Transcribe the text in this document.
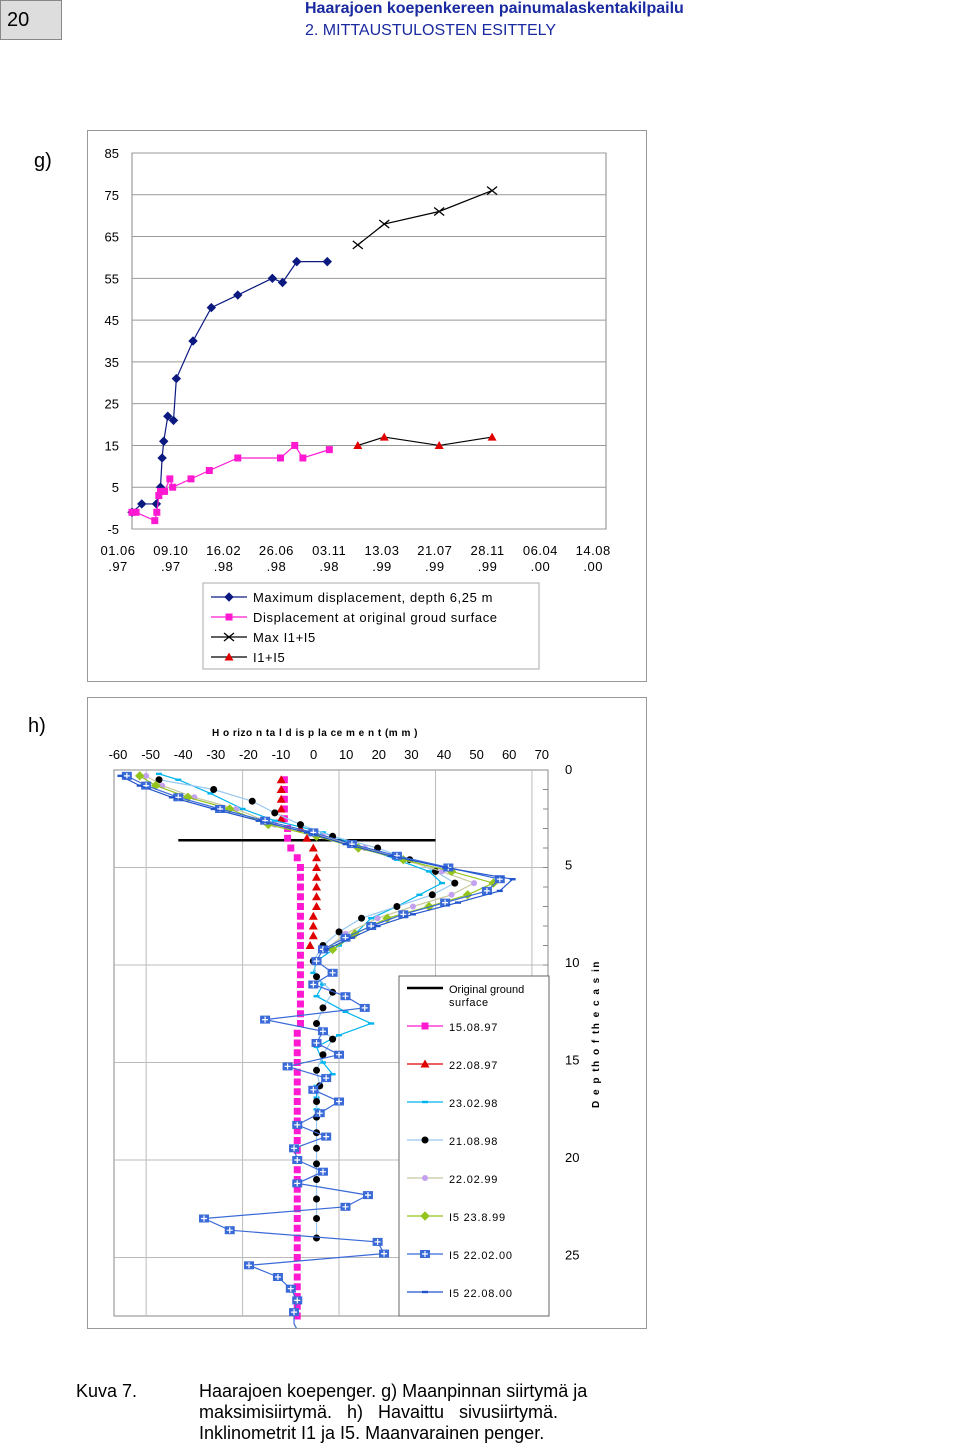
20	Haarajoen koepenkereen painumalaskentakilpailu
2. MITTAUSTULOSTEN ESITTELY
g)	85
75
65
55
45
35
25
15
5
-5
01.06
.97
09.10
.97
16.02
.98
26.06
.98
03.11
.98
13.03
.99
21.07
.99
28.11
.99
06.04
.00
14.08
.00
Maximum displacement, depth 6,25 m
Displacement at original groud surface
Max I1+I5
I1+I5
h)	H o rizo n ta l d is p la ce m e n t (m m )
-60 -50 -40 -30 -20 -10 0 10 20 30 40 50 60 70
0
5
10
15
20
25
D e p th o f th e c a s in
Original ground
surface
15.08.97
22.08.97
23.02.98
21.08.98
22.02.99
I5 23.8.99
I5 22.02.00
I5 22.08.00
Kuva 7.	Haarajoen koepenger. g) Maanpinnan siirtymä ja
maksimisiirtymä.   h)   Havaittu   sivusiirtymä.
Inklinometrit I1 ja I5. Maanvarainen penger.
